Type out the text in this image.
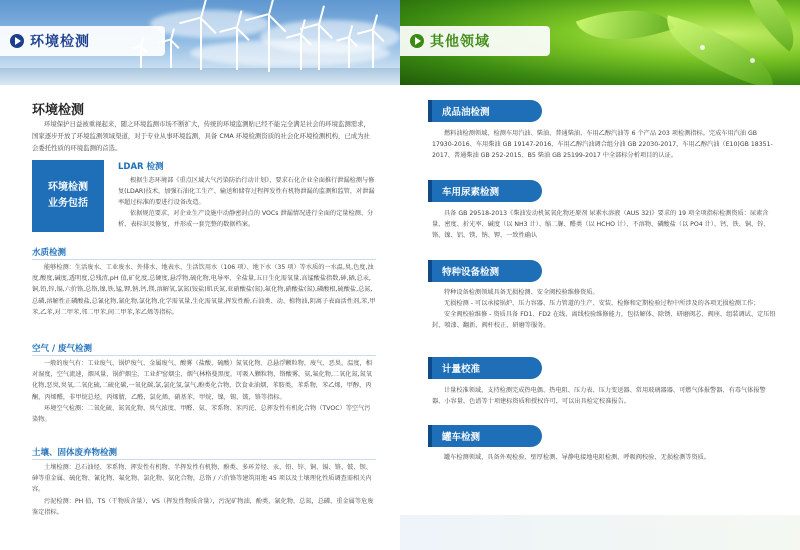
环境检测
环境检测
环境保护日益被重视起来，随之环境监测市场不断扩大，传统的环境监测贴已经不能完全满足社会的环境监测需求，国家逐步开放了环境监测领域渠道，对于专业从事环境监测，具备 CMA 环境检测资质的社会化环境检测机构，已成为社会委托性质的环境监测的首选。
环境检测
业务包括
LDAR 检测

根据生态环境部《重点区域大气污染防治行动计划》，要求石化企业全面推行泄漏检测与修复(LDAR)技术，加强石油化工生产、输送和储存过程挥发性有机物泄漏的监测和监管，对泄漏率超过标准的要进行设备改造。

依据规范要求，对企业生产设施中动静密封点的 VOCs 泄漏情况进行全面的定量检测、分析、表标识及修复，并形成一套完整的数据档案。

水质检测

能够检测：生活废水、工业废水、外排水、地表水、生活饮用水（106 项）、地下水（35 项）等水质的一水温,臭,色度,浊度,酸度,碱度,透明度,总残渣,pH 值,矿化度,总硬度,悬浮物,硫化物,电导率、全盐量,五日生化需氧量,高锰酸盐指数,砷,硒,总汞,铜,铅,锌,镉,六价铬,总铬,镍,铁,锰,钾,钠,钙,镁,溶解氧,氯氮(铵盐)肌氏氮,亚硝酸盐(氮),氟化物,硝酸盐(氮),磷酸根,硫酸盐,总氮,总磷,溶解性正磷酸盐,总氰化物,氰化物,氯化物,化学需氧量,生化需氧量,挥发性酚,石油类、动、植物油,阴离子表面活性剂,苯,甲苯,乙苯,对二甲苯,邻二甲苯,间二甲苯,苯乙烯等指标。

空气 / 废气检测

一般的废气有：工业废气、锅炉废气、金属废气、酸雾（盐酸、硫酸）氮氧化物、总悬浮颗粒物，废气、恶臭，温度，相对湿度，空气流速，烟风量，锅炉烟尘，工业炉窑烟尘，烟气林格曼黑度，可吸入颗粒物，铬酸雾，氨,氟化物,二氧化氮,氮氧化物,恶臭,臭氧,二氧化硫,二硫化碳,一氧化碳,氯,氯化氢,氯气,酚类化合物，饮食业油烟，苯胺类，苯系物，苯乙烯，甲醇，丙酮，丙烯醛，非甲烷总烃，丙烯腈，乙醛，氯化烯，硝基苯，甲烷，镍，锡，铍，铬等指标。

环境空气检测：二氧化硫、氮氧化物、臭气浓度、甲醛、氨、苯系物、苯丙芘、总挥发性有机化合物（TVOC）等空气污染物。

土壤、固体废弃物检测

土壤检测：总石油烃、苯系物、挥发性有机物、半挥发性有机物、酚类、多环芳烃、汞、铅、锌、铜、镉、铬、铍、钡、砷等重金属、硫化物、氰化物、氟化物、氯化物、氨化合物，总铬 / 六价铬等建筑用地 45 项以及土壤理化性质调查需相关内容。

污泥检测：PH 值，TS（干物质含量），VS（挥发性物质含量），污泥矿物油，酚类，氰化物，总氮，总磷，重金属等危废鉴定指标。

其他领域
成品油检测

燃料油检测领域，检测车用汽油、柴油、普通柴油、车用乙醇汽油等 6 个产品 203 项检测指标。完成车用汽油 GB 17930-2016、车用柴油 GB 19147-2016、车用乙醇汽油调合组分油 GB 22030-2017、车用乙醇汽油（E10)GB 18351-2017、普通柴油 GB 252-2015、B5 柴油 GB 25199-2017 中全部标分析项目的认证。

车用尿素检测

具备 GB 29518-2013《柴油发动机氮氧化物还原剂 尿素水溶液（AUS 32)》要求的 19 项全项指标检测资质：尿素含量、密度、折光率、碱度（以 NH3 计）、缩二脲、醛类（以 HCHO 计）、不溶物、磷酸盐（以 PO4 计）、钙、铁、铜、锌、铬、镍、铝、镁、钠、钾、一致性确认

特种设备检测

特种设备检测领域具备无损检测、安全阀校验维修资质。

无损检测 - 可以承接锅炉、压力容器、压力管道的生产、安装、检修和定期检验过程中所涉及的各项无损检测工作；

安全阀校验维修 - 资质具备 FD1、FD2 在线、离线校验维修能力，包括解体、除锈、研磨阀芯、阀座、组装调试、定压铅封、喷漆、翻新、阀杆校正、研磨等服务。

计量校准

计量校准领域，支持检测完成热电偶、热电阻、压力表、压力变送器、常用玻璃器器、可燃气体报警器、有毒气体报警器、小容量、色谱等十项建标资质和授权许可，可以出具检定校准报告。

罐车检测

罐车检测领域，具备外观检验、壁厚检测、导静电接地电阻检测、呼吸阀校验、无损检测等资质。
